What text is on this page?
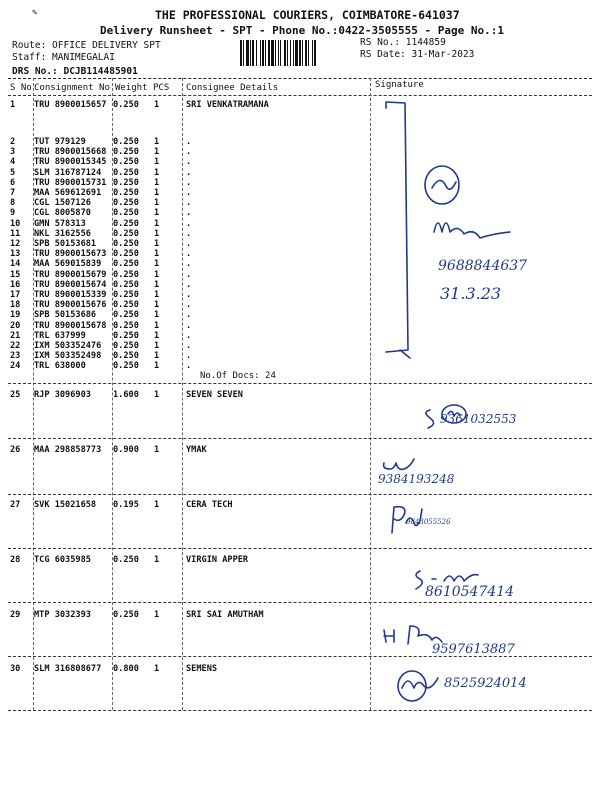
✎	THE PROFESSIONAL COURIERS, COIMBATORE-641037
Delivery Runsheet - SPT - Phone No.:0422-3505555 - Page No.:1
Route: OFFICE DELIVERY SPT
Staff: MANIMEGALAI
DRS No.: DCJB114485901
RS No.: 1144859
RS Date: 31-Mar-2023
S No Consignment No Weight PCS Consignee Details	Signature
1 TRU 8900015657 0.250 1	SRI VENKATRAMANA
2 TUT 979129	0.250 1	.
3 TRU 8900015668 0.250 1	.
4 TRU 8900015345 0.250 1	.
5 SLM 316787124 0.250 1	.
6 TRU 8900015731 0.250 1	.
7 MAA 569612691 0.250 1	.
8 CGL 1507126	0.250 1	.
9 CGL 8005870	0.250 1	.
10 GMN 578313	0.250 1	.
11 NKL 3162556	0.250 1	.
12 SPB 50153681 0.250 1	.
13 TRU 8900015673 0.250 1	.
14 MAA 569015839 0.250 1	.
15 TRU 8900015679 0.250 1	.
16 TRU 8900015674 0.250 1	.
17 TRU 8900015339 0.250 1	.
18 TRU 8900015676 0.250 1	.
19 SPB 50153686 0.250 1	.
20 TRU 8900015678 0.250 1	.
21 TRL 637999	0.250 1	.
22 IXM 503352476 0.250 1	.
23 IXM 503352498 0.250 1	.
24 TRL 638000	0.250 1	.
25 RJP 3096903	1.600 1	SEVEN SEVEN
26 MAA 298858773 0.900 1	YMAK
27 SVK 15021658 0.195 1	CERA TECH
28 TCG 6035985	0.250 1	VIRGIN APPER
29 MTP 3032393	0.250 1	SRI SAI AMUTHAM
30 SLM 316808677 0.800 1	SEMENS
No.Of Docs: 24
9688844637
31.3.23
9361032553
9384193248
9843055526
8610547414
9597613887
8525924014
